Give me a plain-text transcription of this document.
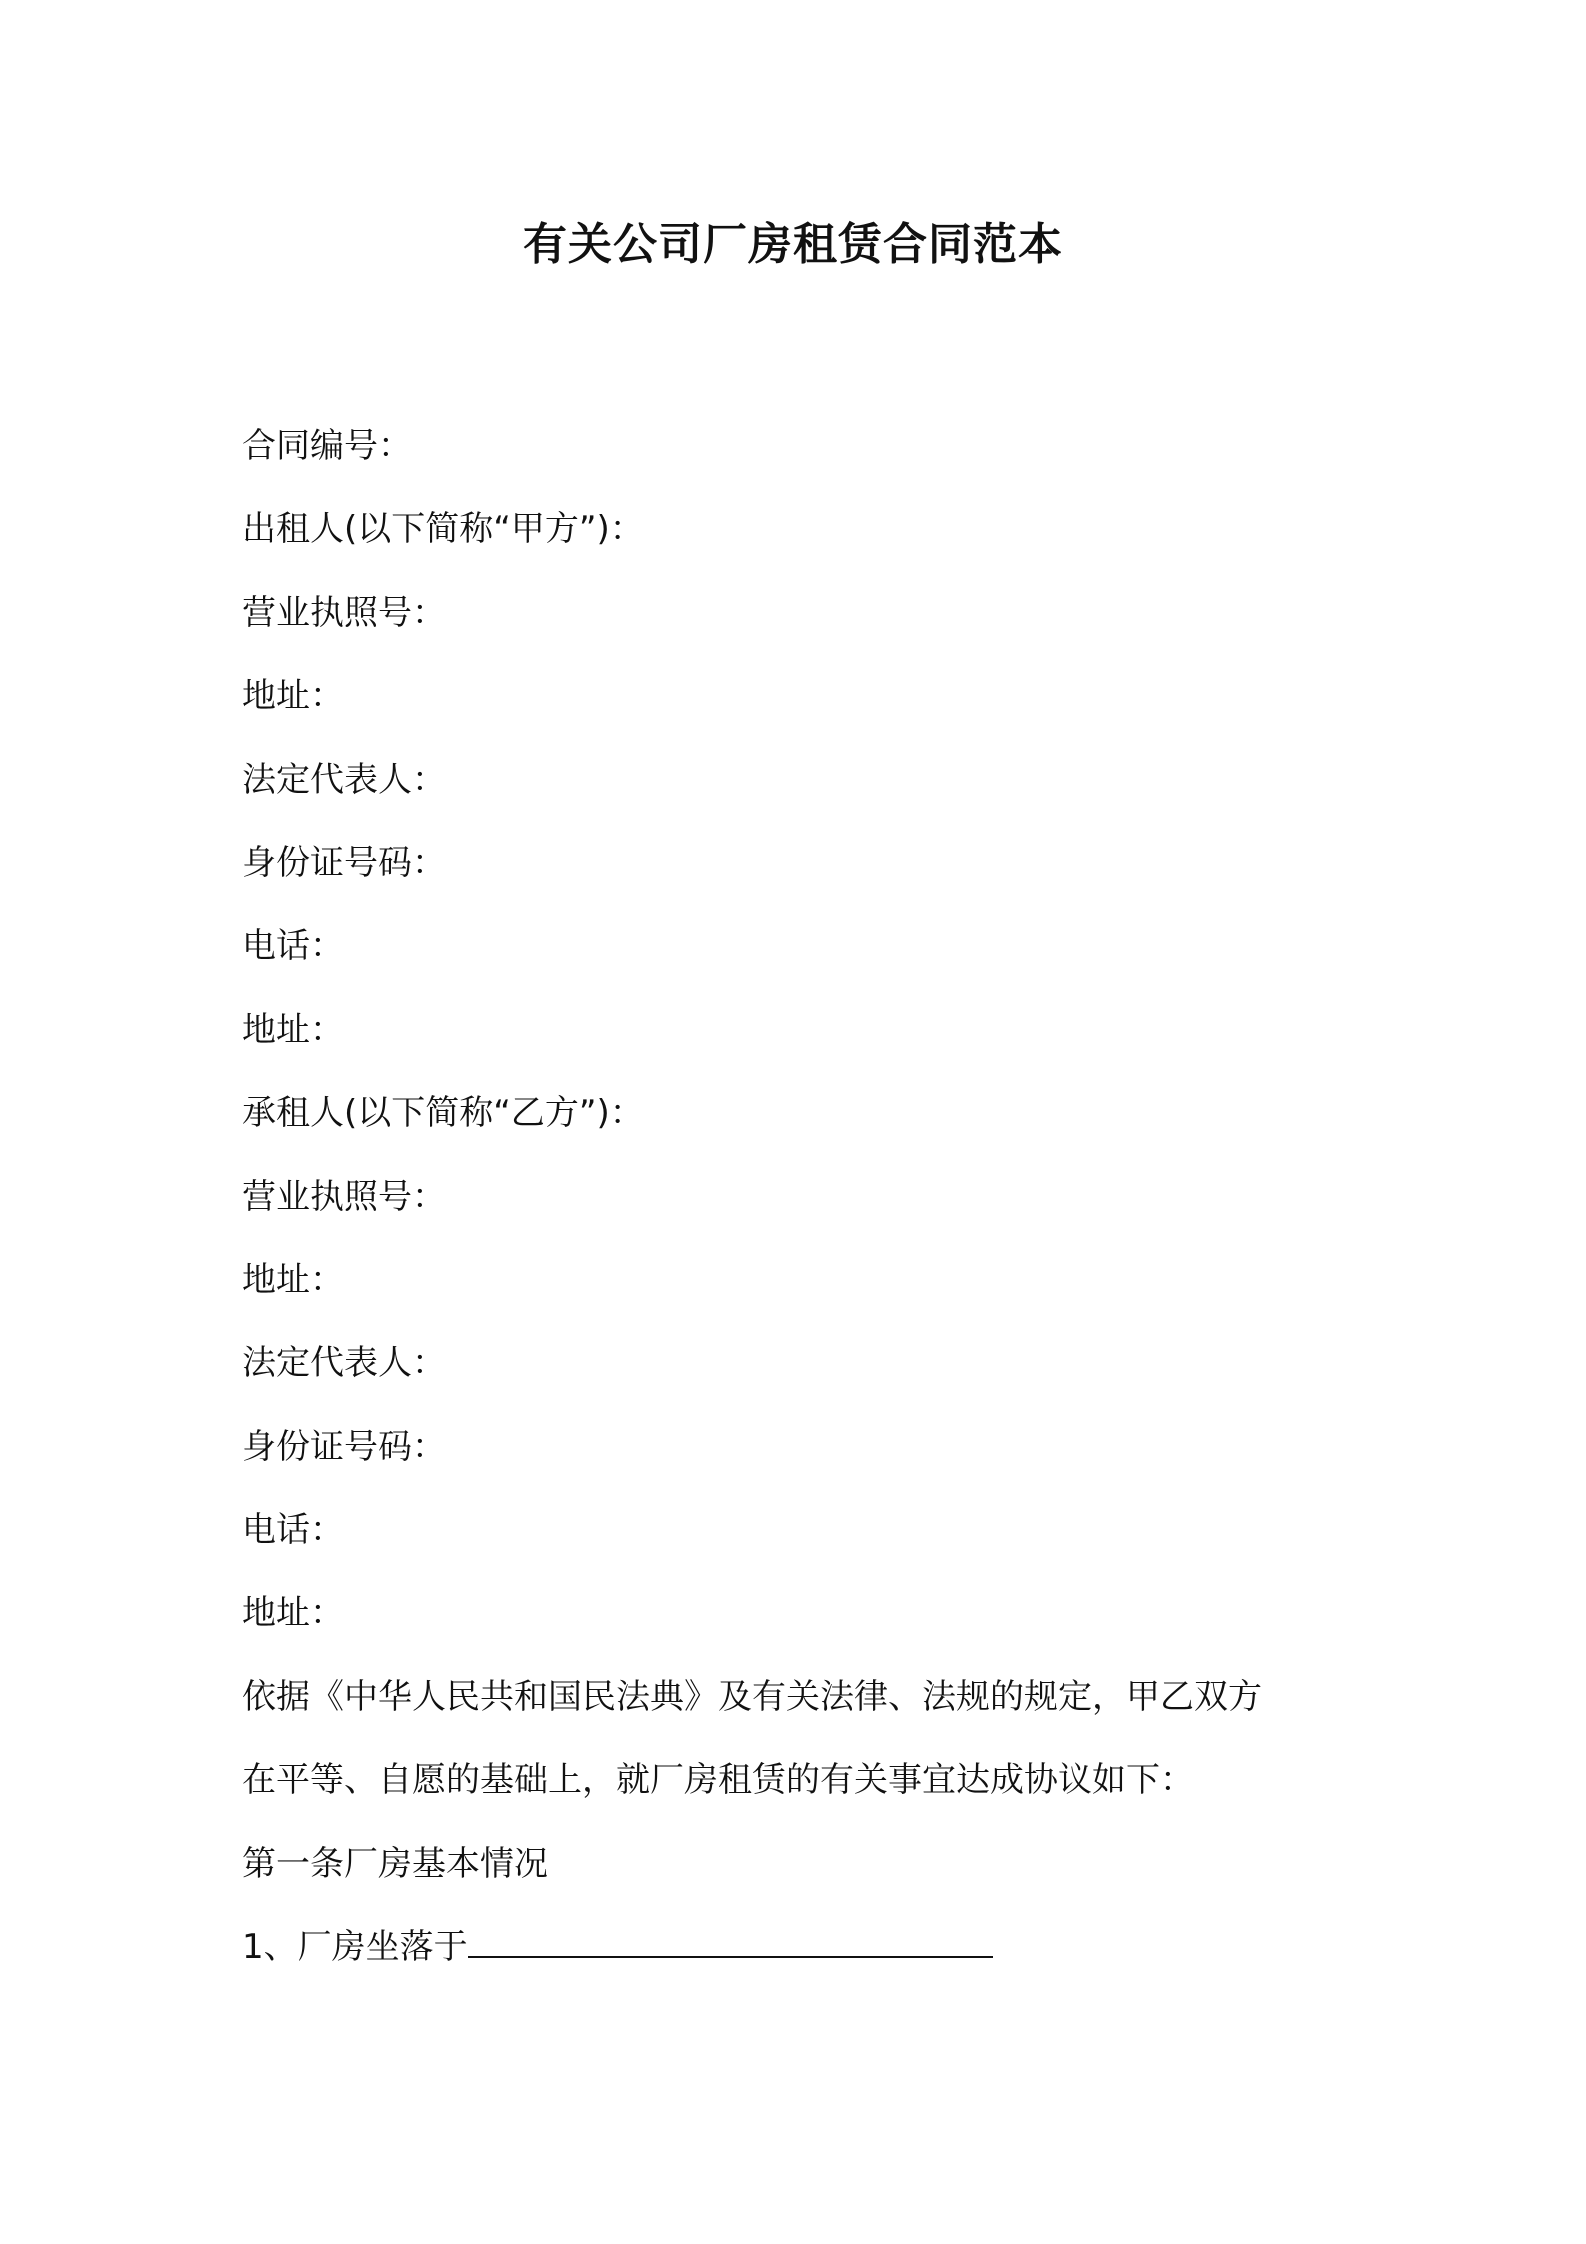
有关公司厂房租赁合同范本
合同编号：
出租人(以下简称“甲方”)：
营业执照号：
地址：
法定代表人：
身份证号码：
电话：
地址：
承租人(以下简称“乙方”)：
营业执照号：
地址：
法定代表人：
身份证号码：
电话：
地址：
依据《中华人民共和国民法典》及有关法律、法规的规定，甲乙双方
在平等、自愿的基础上，就厂房租赁的有关事宜达成协议如下：
第一条厂房基本情况
1、厂房坐落于
